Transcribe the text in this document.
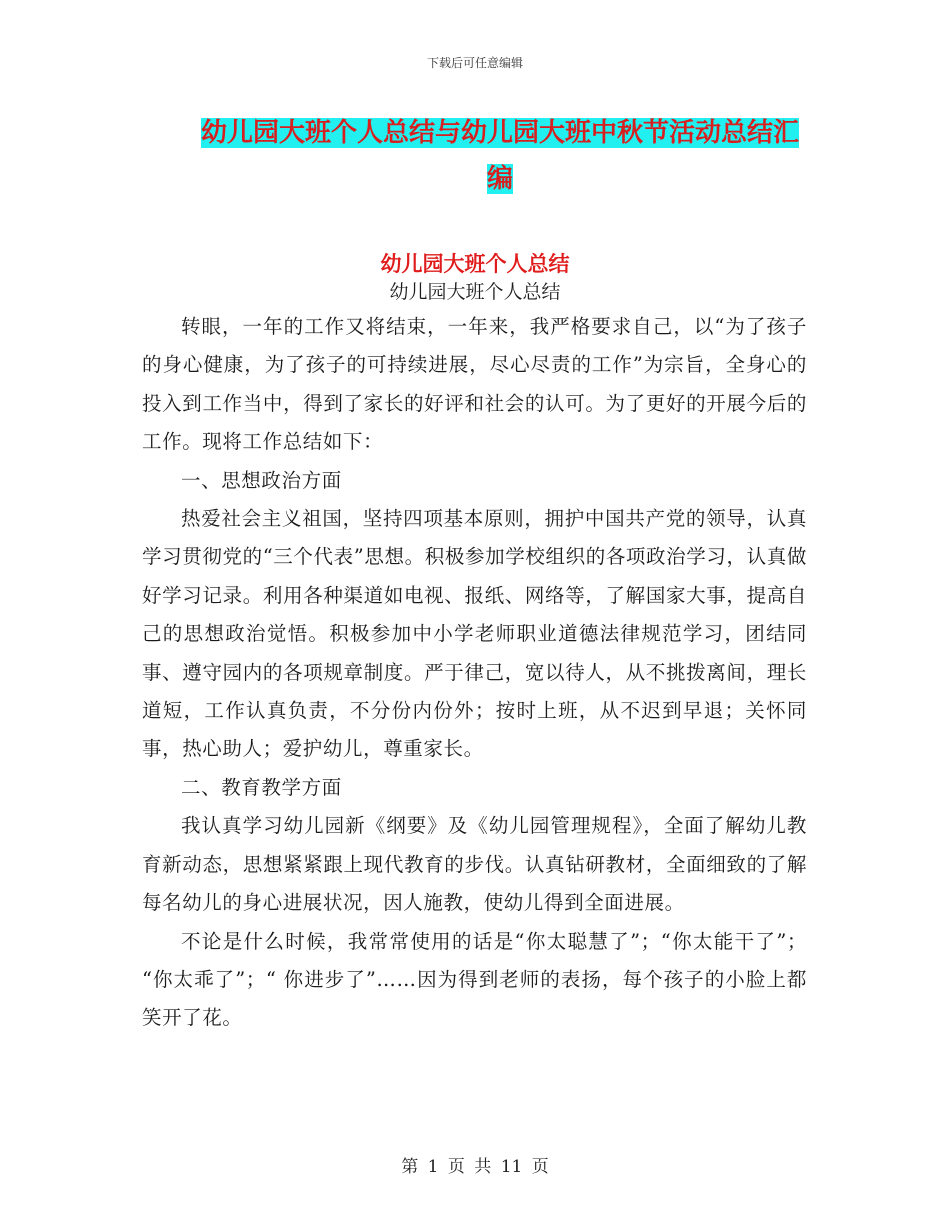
下载后可任意编辑
幼儿园大班个人总结与幼儿园大班中秋节活动总结汇编
幼儿园大班个人总结
幼儿园大班个人总结

转眼，一年的工作又将结束，一年来，我严格要求自己，以“为了孩子的身心健康，为了孩子的可持续进展，尽心尽责的工作”为宗旨，全身心的投入到工作当中，得到了家长的好评和社会的认可。为了更好的开展今后的工作。现将工作总结如下：

一、思想政治方面

热爱社会主义祖国，坚持四项基本原则，拥护中国共产党的领导，认真学习贯彻党的“三个代表”思想。积极参加学校组织的各项政治学习，认真做好学习记录。利用各种渠道如电视、报纸、网络等，了解国家大事，提高自己的思想政治觉悟。积极参加中小学老师职业道德法律规范学习，团结同事、遵守园内的各项规章制度。严于律己，宽以待人，从不挑拨离间，理长道短，工作认真负责，不分份内份外；按时上班，从不迟到早退；关怀同事，热心助人；爱护幼儿，尊重家长。

二、教育教学方面

我认真学习幼儿园新《纲要》及《幼儿园管理规程》，全面了解幼儿教育新动态，思想紧紧跟上现代教育的步伐。认真钻研教材，全面细致的了解每名幼儿的身心进展状况，因人施教，使幼儿得到全面进展。

不论是什么时候，我常常使用的话是“你太聪慧了”；“你太能干了”； “你太乖了”；“ 你进步了”……因为得到老师的表扬，每个孩子的小脸上都笑开了花。

第 1 页 共 11 页
